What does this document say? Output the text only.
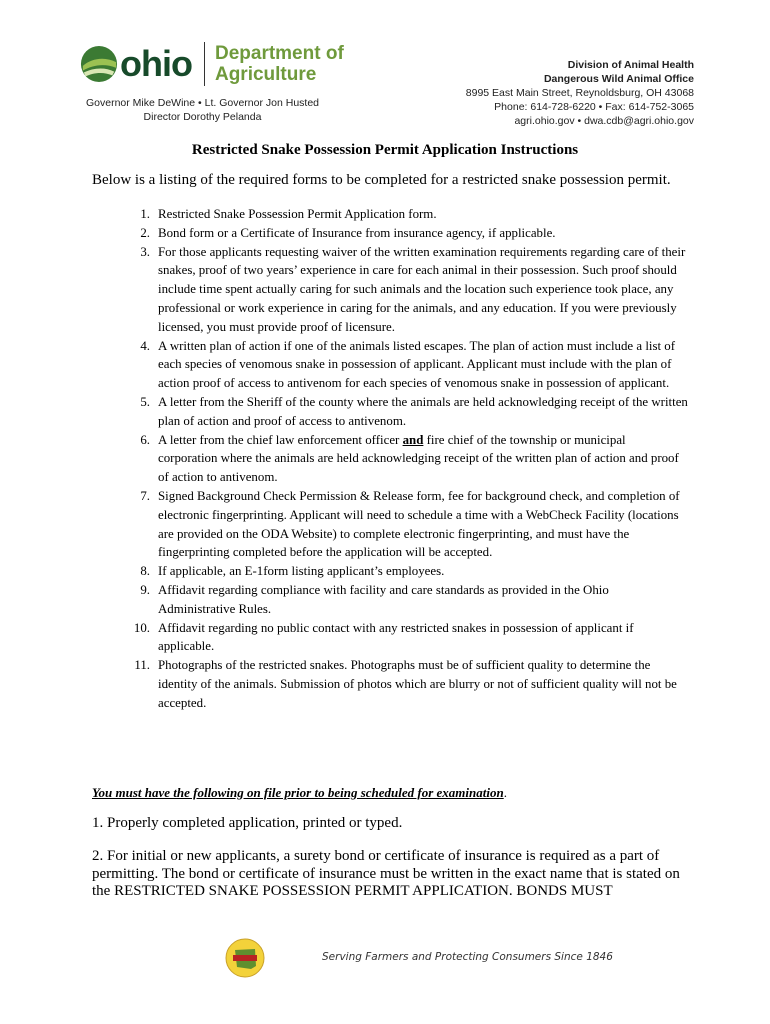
ohio Department of
Agriculture
Governor Mike DeWine • Lt. Governor Jon Husted
Director Dorothy Pelanda
Division of Animal Health
Dangerous Wild Animal Office
8995 East Main Street, Reynoldsburg, OH 43068
Phone: 614-728-6220 • Fax: 614-752-3065
agri.ohio.gov • dwa.cdb@agri.ohio.gov
Restricted Snake Possession Permit Application Instructions
Below is a listing of the required forms to be completed for a restricted snake possession permit.
1. Restricted Snake Possession Permit Application form.
2. Bond form or a Certificate of Insurance from insurance agency, if applicable.
3. For those applicants requesting waiver of the written examination requirements regarding care of their snakes, proof of two years’ experience in care for each animal in their possession. Such proof should include time spent actually caring for such animals and the location such experience took place, any professional or work experience in caring for the animals, and any education. If you were previously licensed, you must provide proof of licensure.
4. A written plan of action if one of the animals listed escapes. The plan of action must include a list of each species of venomous snake in possession of applicant. Applicant must include with the plan of action proof of access to antivenom for each species of venomous snake in possession of applicant.
5. A letter from the Sheriff of the county where the animals are held acknowledging receipt of the written plan of action and proof of access to antivenom.
6. A letter from the chief law enforcement officer and fire chief of the township or municipal corporation where the animals are held acknowledging receipt of the written plan of action and proof of action to antivenom.
7. Signed Background Check Permission & Release form, fee for background check, and completion of electronic fingerprinting. Applicant will need to schedule a time with a WebCheck Facility (locations are provided on the ODA Website) to complete electronic fingerprinting, and must have the fingerprinting completed before the application will be accepted.
8. If applicable, an E-1form listing applicant’s employees.
9. Affidavit regarding compliance with facility and care standards as provided in the Ohio Administrative Rules.
10. Affidavit regarding no public contact with any restricted snakes in possession of applicant if applicable.
11. Photographs of the restricted snakes. Photographs must be of sufficient quality to determine the identity of the animals. Submission of photos which are blurry or not of sufficient quality will not be accepted.
You must have the following on file prior to being scheduled for examination.
1. Properly completed application, printed or typed.
2. For initial or new applicants, a surety bond or certificate of insurance is required as a part of permitting. The bond or certificate of insurance must be written in the exact name that is stated on the RESTRICTED SNAKE POSSESSION PERMIT APPLICATION. BONDS MUST
Serving Farmers and Protecting Consumers Since 1846
